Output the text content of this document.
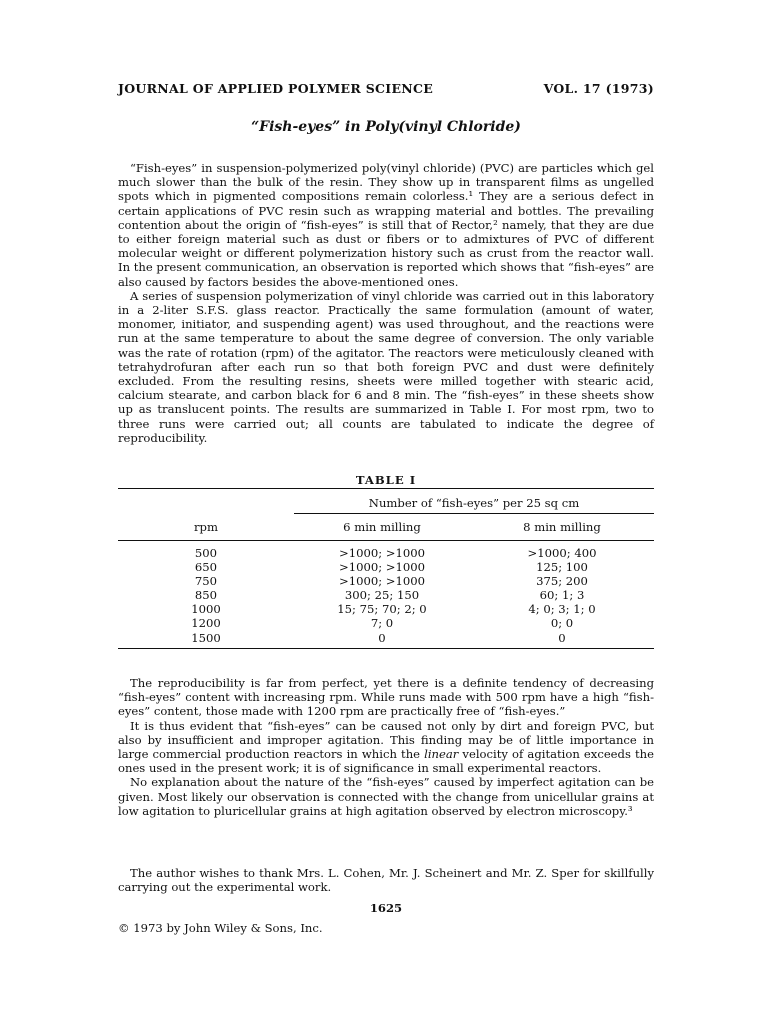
JOURNAL OF APPLIED POLYMER SCIENCE	VOL. 17 (1973)
“Fish-eyes” in Poly(vinyl Chloride)

“Fish-eyes” in suspension-polymerized poly(vinyl chloride) (PVC) are particles which gel much slower than the bulk of the resin. They show up in transparent films as ungelled spots which in pigmented compositions remain colorless.¹ They are a serious defect in certain applications of PVC resin such as wrapping material and bottles. The prevailing contention about the origin of “fish-eyes” is still that of Rector,² namely, that they are due to either foreign material such as dust or fibers or to admixtures of PVC of different molecular weight or different polymerization history such as crust from the reactor wall. In the present communication, an observation is reported which shows that “fish-eyes” are also caused by factors besides the above-mentioned ones.

A series of suspension polymerization of vinyl chloride was carried out in this laboratory in a 2-liter S.F.S. glass reactor. Practically the same formulation (amount of water, monomer, initiator, and suspending agent) was used throughout, and the reactions were run at the same temperature to about the same degree of conversion. The only variable was the rate of rotation (rpm) of the agitator. The reactors were meticulously cleaned with tetrahydrofuran after each run so that both foreign PVC and dust were definitely excluded. From the resulting resins, sheets were milled together with stearic acid, calcium stearate, and carbon black for 6 and 8 min. The “fish-eyes” in these sheets show up as translucent points. The results are summarized in Table I. For most rpm, two to three runs were carried out; all counts are tabulated to indicate the degree of reproducibility.

TABLE I

	Number of “fish-eyes” per 25 sq cm	
rpm	6 min milling	8 min milling
500	>1000; >1000	>1000; 400
650	>1000; >1000	125; 100
750	>1000; >1000	375; 200
850	300; 25; 150	60; 1; 3
1000	15; 75; 70; 2; 0	4; 0; 3; 1; 0
1200	7; 0	0; 0
1500	0	0

The reproducibility is far from perfect, yet there is a definite tendency of decreasing “fish-eyes” content with increasing rpm. While runs made with 500 rpm have a high “fish-eyes” content, those made with 1200 rpm are practically free of “fish-eyes.”

It is thus evident that “fish-eyes” can be caused not only by dirt and foreign PVC, but also by insufficient and improper agitation. This finding may be of little importance in large commercial production reactors in which the linear velocity of agitation exceeds the ones used in the present work; it is of significance in small experimental reactors.

No explanation about the nature of the “fish-eyes” caused by imperfect agitation can be given. Most likely our observation is connected with the change from unicellular grains at low agitation to pluricellular grains at high agitation observed by electron microscopy.³

The author wishes to thank Mrs. L. Cohen, Mr. J. Scheinert and Mr. Z. Sper for skillfully carrying out the experimental work.

1625
© 1973 by John Wiley & Sons, Inc.
